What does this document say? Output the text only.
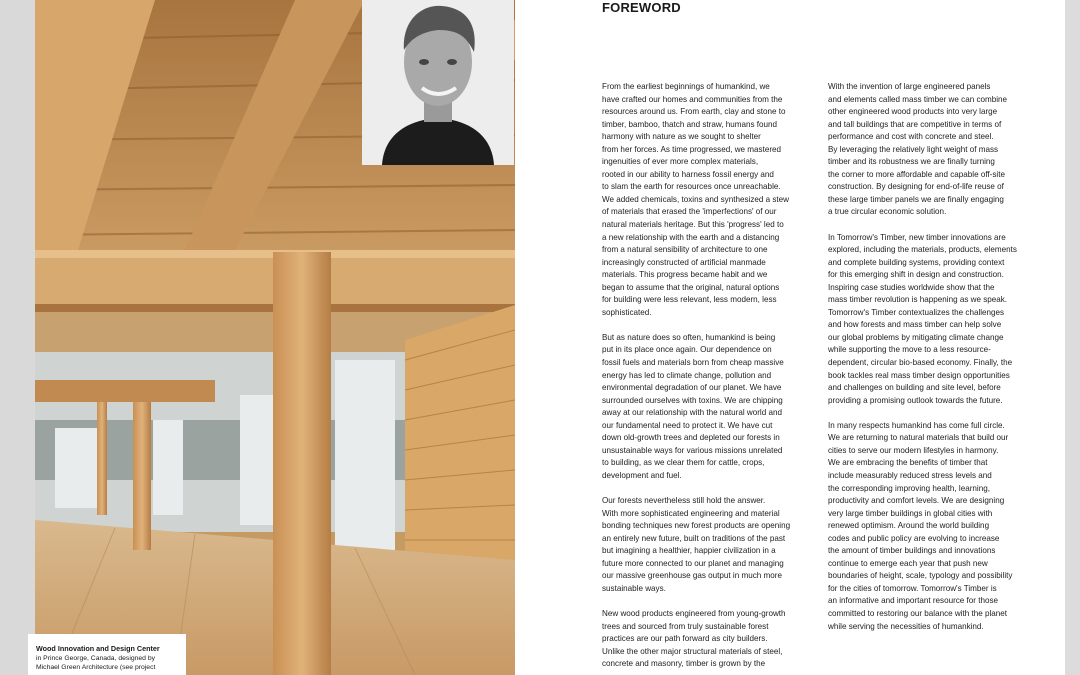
Wood Innovation and Design Center
in Prince George, Canada, designed by
Michael Green Architecture (see project
FOREWORD
From the earliest beginnings of humankind, we
have crafted our homes and communities from the
resources around us. From earth, clay and stone to
timber, bamboo, thatch and straw, humans found
harmony with nature as we sought to shelter
from her forces. As time progressed, we mastered
ingenuities of ever more complex materials,
rooted in our ability to harness fossil energy and
to slam the earth for resources once unreachable.
We added chemicals, toxins and synthesized a stew
of materials that erased the 'imperfections' of our
natural materials heritage. But this 'progress' led to
a new relationship with the earth and a distancing
from a natural sensibility of architecture to one
increasingly constructed of artificial manmade
materials. This progress became habit and we
began to assume that the original, natural options
for building were less relevant, less modern, less
sophisticated.
But as nature does so often, humankind is being
put in its place once again. Our dependence on
fossil fuels and materials born from cheap massive
energy has led to climate change, pollution and
environmental degradation of our planet. We have
surrounded ourselves with toxins. We are chipping
away at our relationship with the natural world and
our fundamental need to protect it. We have cut
down old-growth trees and depleted our forests in
unsustainable ways for various missions unrelated
to building, as we clear them for cattle, crops,
development and fuel.
Our forests nevertheless still hold the answer.
With more sophisticated engineering and material
bonding techniques new forest products are opening
an entirely new future, built on traditions of the past
but imagining a healthier, happier civilization in a
future more connected to our planet and managing
our massive greenhouse gas output in much more
sustainable ways.
New wood products engineered from young-growth
trees and sourced from truly sustainable forest
practices are our path forward as city builders.
Unlike the other major structural materials of steel,
concrete and masonry, timber is grown by the
With the invention of large engineered panels
and elements called mass timber we can combine
other engineered wood products into very large
and tall buildings that are competitive in terms of
performance and cost with concrete and steel.
By leveraging the relatively light weight of mass
timber and its robustness we are finally turning
the corner to more affordable and capable off-site
construction. By designing for end-of-life reuse of
these large timber panels we are finally engaging
a true circular economic solution.
In Tomorrow's Timber, new timber innovations are
explored, including the materials, products, elements
and complete building systems, providing context
for this emerging shift in design and construction.
Inspiring case studies worldwide show that the
mass timber revolution is happening as we speak.
Tomorrow's Timber contextualizes the challenges
and how forests and mass timber can help solve
our global problems by mitigating climate change
while supporting the move to a less resource-
dependent, circular bio-based economy. Finally, the
book tackles real mass timber design opportunities
and challenges on building and site level, before
providing a promising outlook towards the future.
In many respects humankind has come full circle.
We are returning to natural materials that build our
cities to serve our modern lifestyles in harmony.
We are embracing the benefits of timber that
include measurably reduced stress levels and
the corresponding improving health, learning,
productivity and comfort levels. We are designing
very large timber buildings in global cities with
renewed optimism. Around the world building
codes and public policy are evolving to increase
the amount of timber buildings and innovations
continue to emerge each year that push new
boundaries of height, scale, typology and possibility
for the cities of tomorrow. Tomorrow's Timber is
an informative and important resource for those
committed to restoring our balance with the planet
while serving the necessities of humankind.
